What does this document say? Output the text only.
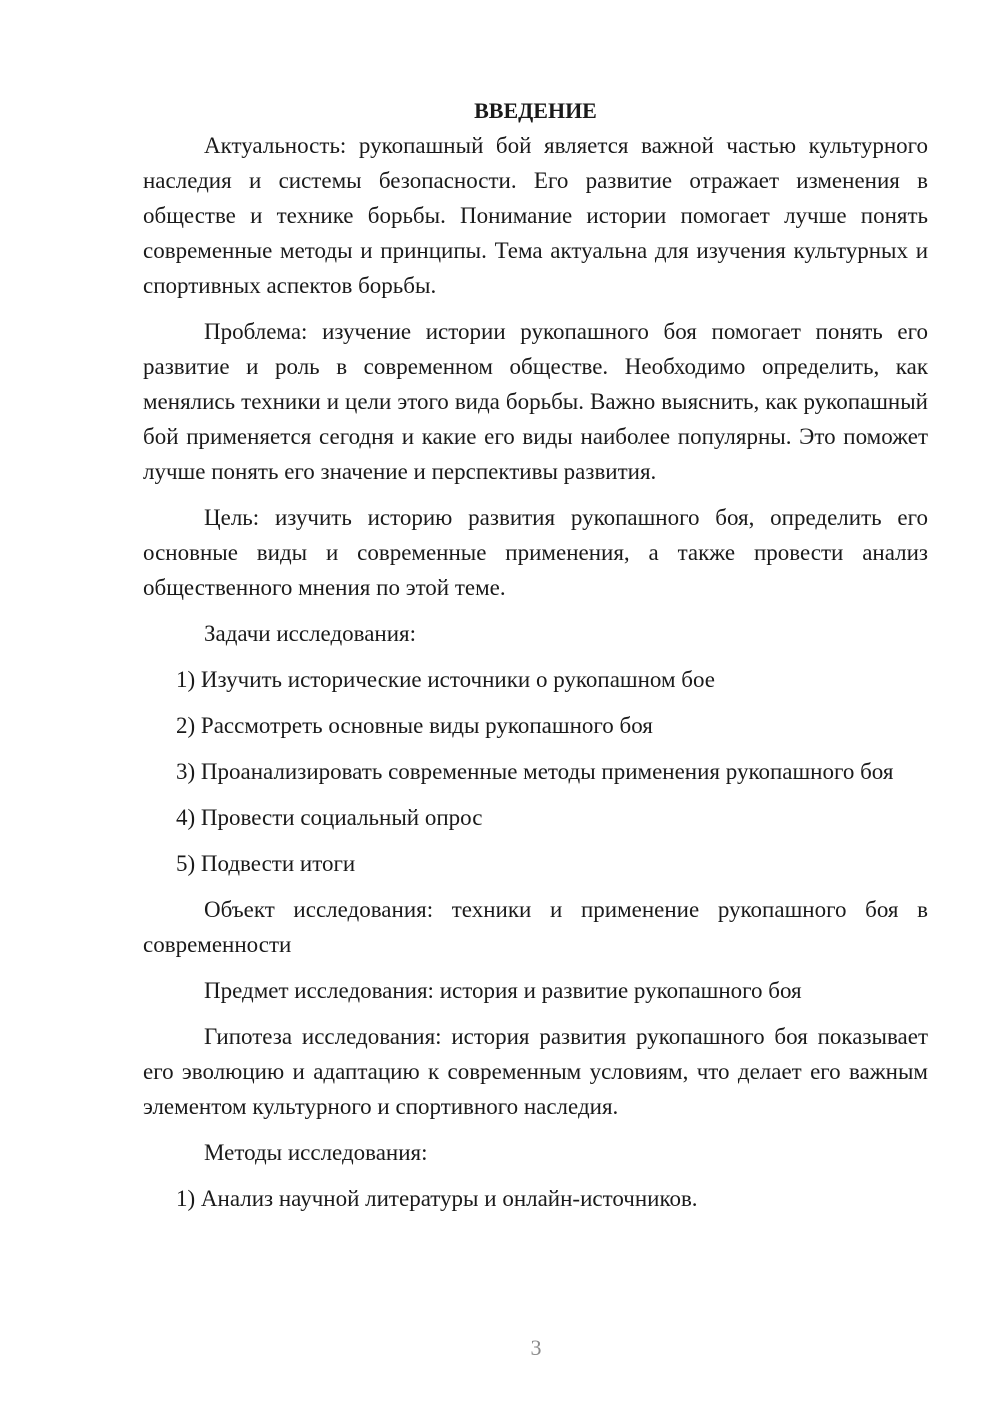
ВВЕДЕНИЕ

Актуальность: рукопашный бой является важной частью культурного наследия и системы безопасности. Его развитие отражает изменения в обществе и технике борьбы. Понимание истории помогает лучше понять современные методы и принципы. Тема актуальна для изучения культурных и спортивных аспектов борьбы.

Проблема: изучение истории рукопашного боя помогает понять его развитие и роль в современном обществе. Необходимо определить, как менялись техники и цели этого вида борьбы. Важно выяснить, как рукопашный бой применяется сегодня и какие его виды наиболее популярны. Это поможет лучше понять его значение и перспективы развития.

Цель: изучить историю развития рукопашного боя, определить его основные виды и современные применения, а также провести анализ общественного мнения по этой теме.

Задачи исследования:

1) Изучить исторические источники о рукопашном бое

2) Рассмотреть основные виды рукопашного боя

3) Проанализировать современные методы применения рукопашного боя

4) Провести социальный опрос

5) Подвести итоги

Объект исследования: техники и применение рукопашного боя в современности

Предмет исследования: история и развитие рукопашного боя

Гипотеза исследования: история развития рукопашного боя показывает его эволюцию и адаптацию к современным условиям, что делает его важным элементом культурного и спортивного наследия.

Методы исследования:

1) Анализ научной литературы и онлайн-источников.

3
